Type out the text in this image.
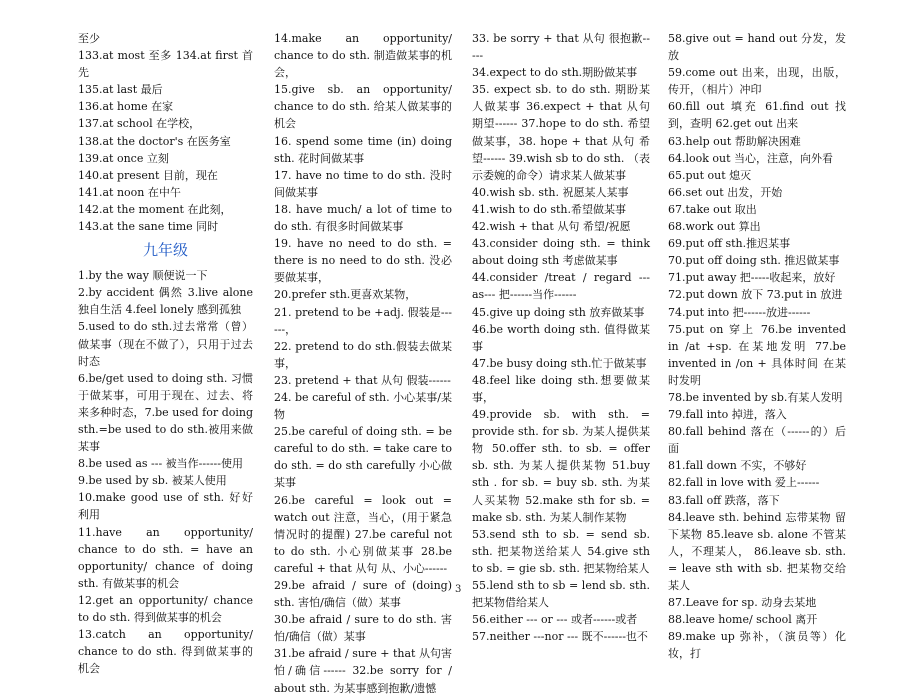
至少
133.at most 至多 134.at first 首先
135.at last 最后
136.at home 在家
137.at school 在学校，
138.at the doctor's 在医务室
139.at once 立刻
140.at present 目前，现在
141.at noon 在中午
142.at the moment 在此刻，
143.at the sane time 同时
九年级
1.by the way 顺便说一下
2.by accident 偶然 3.live alone 独自生活 4.feel lonely 感到孤独
5.used to do sth.过去常常（曾）做某事（现在不做了），只用于过去时态
6.be/get used to doing sth. 习惯于做某事，可用于现在、过去、将来多种时态，7.be used for doing sth.=be used to do sth.被用来做某事
8.be used as --- 被当作------使用
9.be used by sb. 被某人使用
10.make good use of sth. 好好利用
11.have an opportunity/ chance to do sth. = have an opportunity/ chance of doing sth. 有做某事的机会
12.get an opportunity/ chance to do sth. 得到做某事的机会
13.catch an opportunity/ chance to do sth. 得到做某事的机会
14.make an opportunity/ chance to do sth. 制造做某事的机会，
15.give sb. an opportunity/ chance to do sth. 给某人做某事的机会
16. spend some time (in) doing sth. 花时间做某事
17. have no time to do sth. 没时间做某事
18. have much/ a lot of time to do sth. 有很多时间做某事
19. have no need to do sth. = there is no need to do sth. 没必要做某事，
20.prefer sth.更喜欢某物，
21. pretend to be +adj. 假装是------，
22. pretend to do sth.假装去做某事，
23. pretend + that 从句 假装------
24. be careful of sth. 小心某事/某物
25.be careful of doing sth. = be careful to do sth. = take care to do sth. = do sth carefully 小心做某事
26.be careful = look out = watch out 注意，当心，(用于紧急情况时的提醒) 27.be careful not to do sth. 小心别做某事 28.be careful + that 从句 从、小心------
29.be afraid / sure of (doing) sth. 害怕/确信（做）某事
30.be afraid / sure to do sth. 害怕/确信（做）某事
31.be afraid / sure + that 从句害怕/确信------ 32.be sorry for / about sth. 为某事感到抱歉/遗憾
33. be sorry + that 从句 很抱歉-----
34.expect to do sth.期盼做某事
35. expect sb. to do sth. 期盼某人做某事 36.expect + that 从句 期望------ 37.hope to do sth. 希望做某事，38. hope + that 从句 希望------ 39.wish sb to do sth. （表示委婉的命令）请求某人做某事
40.wish sb. sth. 祝愿某人某事
41.wish to do sth.希望做某事
42.wish + that 从句 希望/祝愿
43.consider doing sth. = think about doing sth 考虑做某事
44.consider /treat / regard --- as--- 把------当作------
45.give up doing sth 放弃做某事
46.be worth doing sth. 值得做某事
47.be busy doing sth.忙于做某事
48.feel like doing sth.想要做某事，
49.provide sb. with sth. = provide sth. for sb. 为某人提供某物 50.offer sth. to sb. = offer sb. sth. 为某人提供某物 51.buy sth . for sb. = buy sb. sth. 为某人买某物 52.make sth for sb. = make sb. sth. 为某人制作某物
53.send sth to sb. = send sb. sth. 把某物送给某人 54.give sth to sb. = gie sb. sth. 把某物给某人
55.lend sth to sb = lend sb. sth. 把某物借给某人
56.either --- or --- 或者------或者
57.neither ---nor --- 既不------也不
58.give out = hand out 分发，发放
59.come out 出来，出现，出版，传开，（相片）冲印
60.fill out 填充 61.find out 找到，查明 62.get out 出来
63.help out 帮助解决困难
64.look out 当心，注意，向外看
65.put out 熄灭
66.set out 出发，开始
67.take out 取出
68.work out 算出
69.put off sth.推迟某事
70.put off doing sth. 推迟做某事
71.put away 把-----收起来，放好
72.put down 放下 73.put in 放进
74.put into 把------放进------
75.put on 穿上 76.be invented in /at +sp. 在某地发明 77.be invented in /on + 具体时间 在某时发明
78.be invented by sb.有某人发明
79.fall into 掉进，落入
80.fall behind 落在（------的）后面
81.fall down 不实，不够好
82.fall in love with 爱上------
83.fall off 跌落，落下
84.leave sth. behind 忘带某物 留下某物 85.leave sb. alone 不管某人，不理某人， 86.leave sb. sth. = leave sth with sb. 把某物交给某人
87.Leave for sp. 动身去某地
88.leave home/ school 离开
89.make up 弥补，（演员等）化妆，打
3
